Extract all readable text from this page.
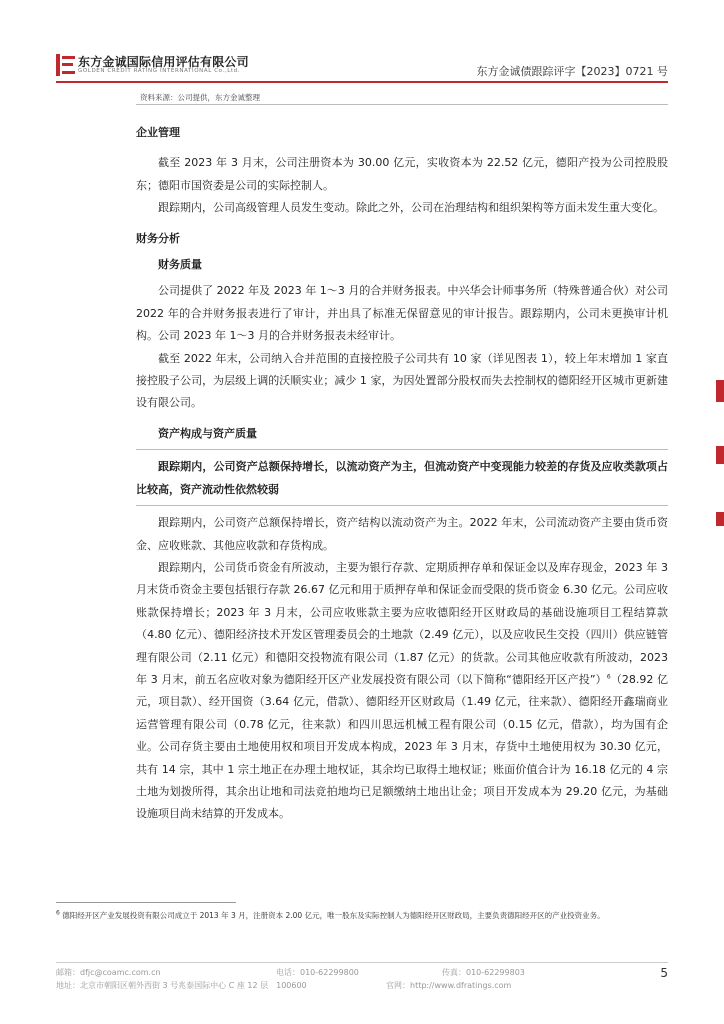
东方金诚国际信用评估有限公司
GOLDEN CREDIT RATING INTERNATIONAL Co.,Ltd.	东方金诚债跟踪评字【2023】0721 号
资料来源：公司提供，东方金诚整理
企业管理

截至 2023 年 3 月末，公司注册资本为 30.00 亿元，实收资本为 22.52 亿元，德阳产投为公司控股股东；德阳市国资委是公司的实际控制人。

跟踪期内，公司高级管理人员发生变动。除此之外，公司在治理结构和组织架构等方面未发生重大变化。

财务分析
财务质量

公司提供了 2022 年及 2023 年 1～3 月的合并财务报表。中兴华会计师事务所（特殊普通合伙）对公司 2022 年的合并财务报表进行了审计，并出具了标准无保留意见的审计报告。跟踪期内，公司未更换审计机构。公司 2023 年 1～3 月的合并财务报表未经审计。

截至 2022 年末，公司纳入合并范围的直接控股子公司共有 10 家（详见图表 1），较上年末增加 1 家直接控股子公司，为层级上调的沃顺实业；减少 1 家，为因处置部分股权而失去控制权的德阳经开区城市更新建设有限公司。

资产构成与资产质量

跟踪期内，公司资产总额保持增长，以流动资产为主，但流动资产中变现能力较差的存货及应收类款项占比较高，资产流动性依然较弱

跟踪期内，公司资产总额保持增长，资产结构以流动资产为主。2022 年末，公司流动资产主要由货币资金、应收账款、其他应收款和存货构成。

跟踪期内，公司货币资金有所波动，主要为银行存款、定期质押存单和保证金以及库存现金，2023 年 3 月末货币资金主要包括银行存款 26.67 亿元和用于质押存单和保证金而受限的货币资金 6.30 亿元。公司应收账款保持增长；2023 年 3 月末，公司应收账款主要为应收德阳经开区财政局的基础设施项目工程结算款（4.80 亿元）、德阳经济技术开发区管理委员会的土地款（2.49 亿元），以及应收民生交投（四川）供应链管理有限公司（2.11 亿元）和德阳交投物流有限公司（1.87 亿元）的货款。公司其他应收款有所波动，2023 年 3 月末，前五名应收对象为德阳经开区产业发展投资有限公司（以下简称“德阳经开区产投”）$^6$（28.92 亿元，项目款）、经开国资（3.64 亿元，借款）、德阳经开区财政局（1.49 亿元，往来款）、德阳经开鑫瑞商业运营管理有限公司（0.78 亿元，往来款）和四川思远机械工程有限公司（0.15 亿元，借款），均为国有企业。公司存货主要由土地使用权和项目开发成本构成，2023 年 3 月末，存货中土地使用权为 30.30 亿元，共有 14 宗，其中 1 宗土地正在办理土地权证，其余均已取得土地权证；账面价值合计为 16.18 亿元的 4 宗土地为划拨所得，其余出让地和司法竞拍地均已足额缴纳土地出让金；项目开发成本为 29.20 亿元，为基础设施项目尚未结算的开发成本。

$^6$ 德阳经开区产业发展投资有限公司成立于 2013 年 3 月，注册资本 2.00 亿元，唯一股东及实际控制人为德阳经开区财政局，主要负责德阳经开区的产业投资业务。
邮箱：dfjc@coamc.com.cn	电话：010-62299800	传真：010-62299803
地址：北京市朝阳区朝外西街 3 号兆泰国际中心 C 座 12 层　100600	官网：http://www.dfratings.com
5
